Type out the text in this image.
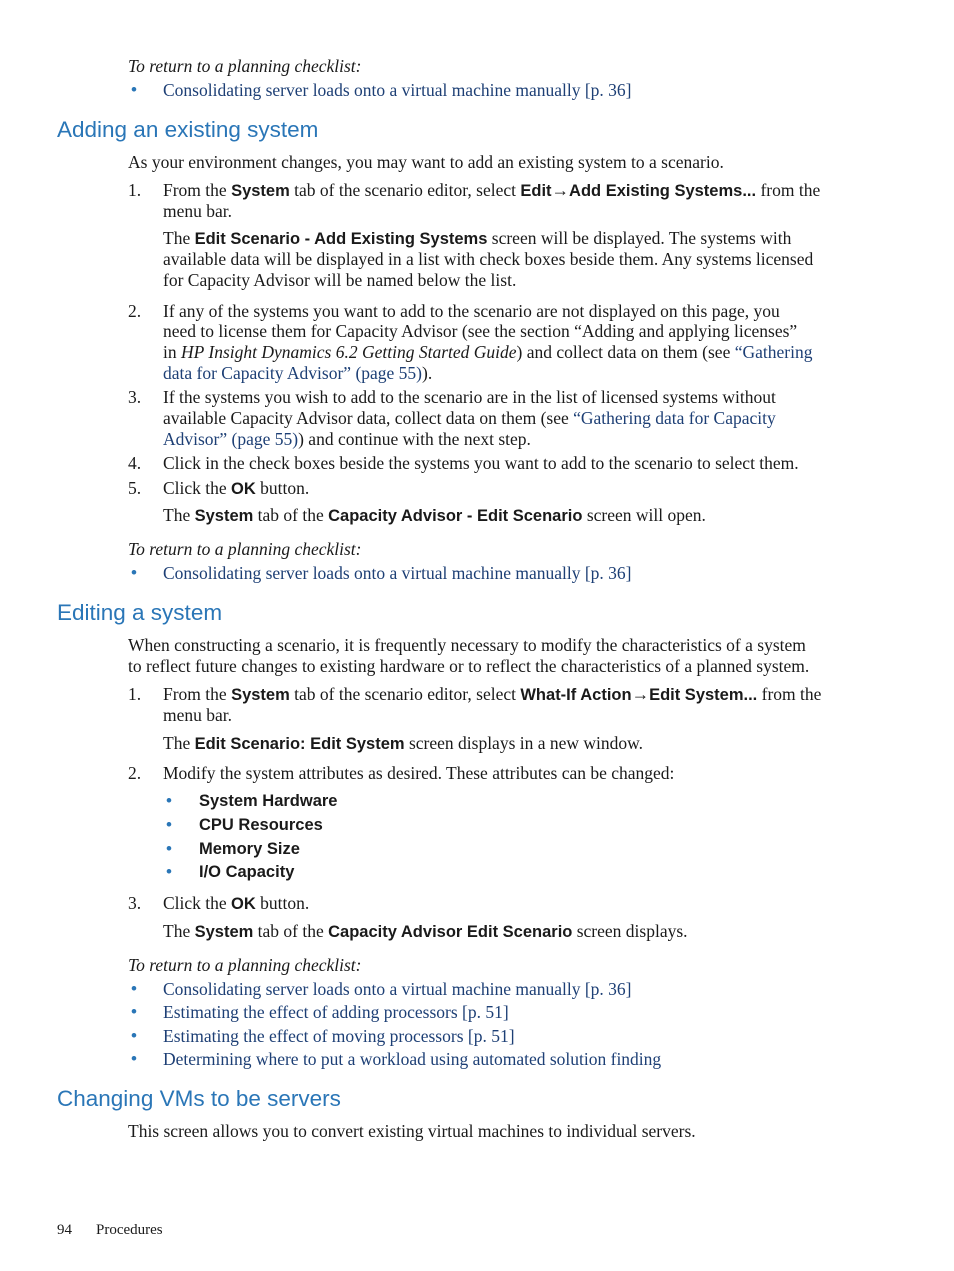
To return to a planning checklist:

• Consolidating server loads onto a virtual machine manually [p. 36]

Adding an existing system

As your environment changes, you may want to add an existing system to a scenario.

1. From the System tab of the scenario editor, select Edit→Add Existing Systems... from the

menu bar.

The Edit Scenario - Add Existing Systems screen will be displayed. The systems with

available data will be displayed in a list with check boxes beside them. Any systems licensed

for Capacity Advisor will be named below the list.

2. If any of the systems you want to add to the scenario are not displayed on this page, you

need to license them for Capacity Advisor (see the section “Adding and applying licenses”

in HP Insight Dynamics 6.2 Getting Started Guide) and collect data on them (see “Gathering

data for Capacity Advisor” (page 55)).

3. If the systems you wish to add to the scenario are in the list of licensed systems without

available Capacity Advisor data, collect data on them (see “Gathering data for Capacity

Advisor” (page 55)) and continue with the next step.

4. Click in the check boxes beside the systems you want to add to the scenario to select them.

5. Click the OK button.

The System tab of the Capacity Advisor - Edit Scenario screen will open.

To return to a planning checklist:

• Consolidating server loads onto a virtual machine manually [p. 36]

Editing a system

When constructing a scenario, it is frequently necessary to modify the characteristics of a system

to reflect future changes to existing hardware or to reflect the characteristics of a planned system.

1. From the System tab of the scenario editor, select What-If Action→Edit System... from the

menu bar.

The Edit Scenario: Edit System screen displays in a new window.

2. Modify the system attributes as desired. These attributes can be changed:

• System Hardware

• CPU Resources

• Memory Size

• I/O Capacity

3. Click the OK button.

The System tab of the Capacity Advisor Edit Scenario screen displays.

To return to a planning checklist:

• Consolidating server loads onto a virtual machine manually [p. 36]

• Estimating the effect of adding processors [p. 51]

• Estimating the effect of moving processors [p. 51]

• Determining where to put a workload using automated solution finding

Changing VMs to be servers

This screen allows you to convert existing virtual machines to individual servers.

94 Procedures
